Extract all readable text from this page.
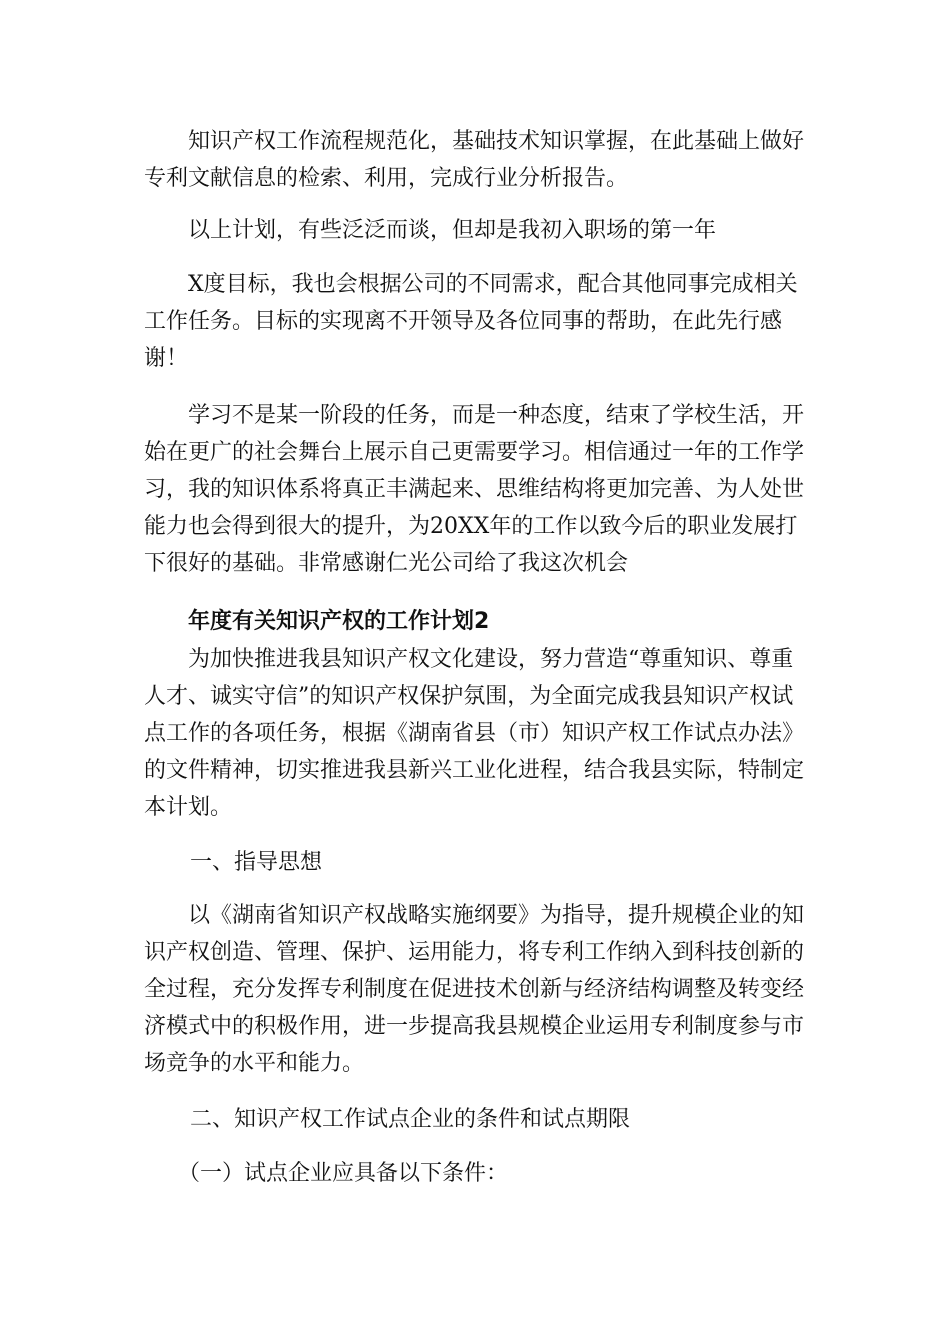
知识产权工作流程规范化，基础技术知识掌握，在此基础上做好专利文献信息的检索、利用，完成行业分析报告。

以上计划，有些泛泛而谈，但却是我初入职场的第一年

X度目标，我也会根据公司的不同需求，配合其他同事完成相关工作任务。目标的实现离不开领导及各位同事的帮助，在此先行感谢！

学习不是某一阶段的任务，而是一种态度，结束了学校生活，开始在更广的社会舞台上展示自己更需要学习。相信通过一年的工作学习，我的知识体系将真正丰满起来、思维结构将更加完善、为人处世能力也会得到很大的提升，为20XX年的工作以致今后的职业发展打下很好的基础。非常感谢仁光公司给了我这次机会

年度有关知识产权的工作计划2

为加快推进我县知识产权文化建设，努力营造“尊重知识、尊重人才、诚实守信”的知识产权保护氛围，为全面完成我县知识产权试点工作的各项任务，根据《湖南省县（市）知识产权工作试点办法》的文件精神，切实推进我县新兴工业化进程，结合我县实际，特制定本计划。

一、指导思想

以《湖南省知识产权战略实施纲要》为指导，提升规模企业的知识产权创造、管理、保护、运用能力，将专利工作纳入到科技创新的全过程，充分发挥专利制度在促进技术创新与经济结构调整及转变经济模式中的积极作用，进一步提高我县规模企业运用专利制度参与市场竞争的水平和能力。

二、知识产权工作试点企业的条件和试点期限

（一）试点企业应具备以下条件：
